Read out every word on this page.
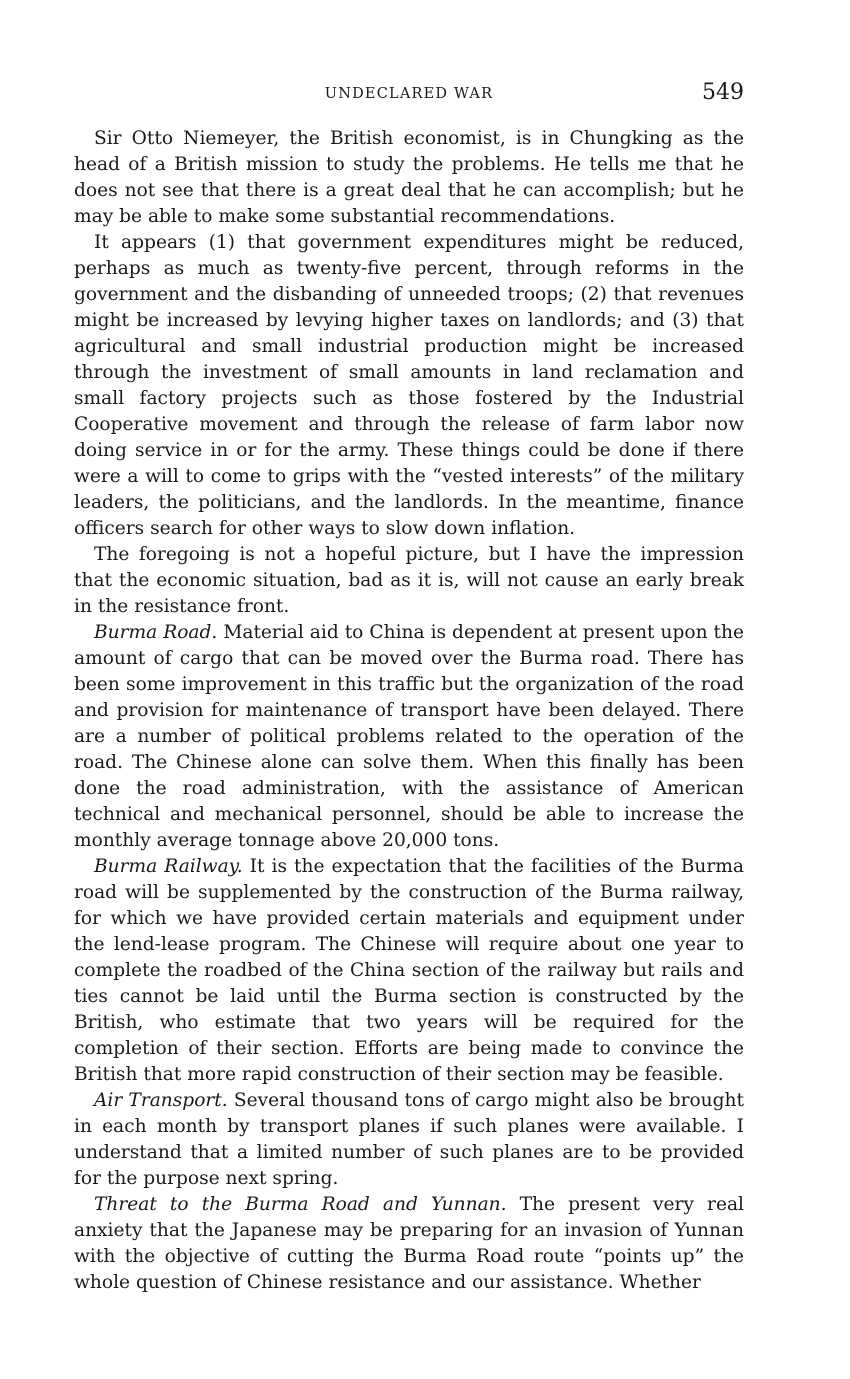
UNDECLARED WAR	549

Sir Otto Niemeyer, the British economist, is in Chungking as the head of a British mission to study the problems. He tells me that he does not see that there is a great deal that he can accomplish; but he may be able to make some substantial recommendations.

It appears (1) that government expenditures might be reduced, perhaps as much as twenty-five percent, through reforms in the government and the disbanding of unneeded troops; (2) that revenues might be increased by levying higher taxes on landlords; and (3) that agricultural and small industrial production might be increased through the investment of small amounts in land reclamation and small factory projects such as those fostered by the Industrial Cooperative movement and through the release of farm labor now doing service in or for the army. These things could be done if there were a will to come to grips with the “vested interests” of the military leaders, the politicians, and the landlords. In the meantime, finance officers search for other ways to slow down inflation.

The foregoing is not a hopeful picture, but I have the impression that the economic situation, bad as it is, will not cause an early break in the resistance front.

Burma Road. Material aid to China is dependent at present upon the amount of cargo that can be moved over the Burma road. There has been some improvement in this traffic but the organization of the road and provision for maintenance of transport have been delayed. There are a number of political problems related to the operation of the road. The Chinese alone can solve them. When this finally has been done the road administration, with the assistance of American technical and mechanical personnel, should be able to increase the monthly average tonnage above 20,000 tons.

Burma Railway. It is the expectation that the facilities of the Burma road will be supplemented by the construction of the Burma railway, for which we have provided certain materials and equipment under the lend-lease program. The Chinese will require about one year to complete the roadbed of the China section of the railway but rails and ties cannot be laid until the Burma section is constructed by the British, who estimate that two years will be required for the completion of their section. Efforts are being made to convince the British that more rapid construction of their section may be feasible.

Air Transport. Several thousand tons of cargo might also be brought in each month by transport planes if such planes were available. I understand that a limited number of such planes are to be provided for the purpose next spring.

Threat to the Burma Road and Yunnan. The present very real anxiety that the Japanese may be preparing for an invasion of Yunnan with the objective of cutting the Burma Road route “points up” the whole question of Chinese resistance and our assistance. Whether
